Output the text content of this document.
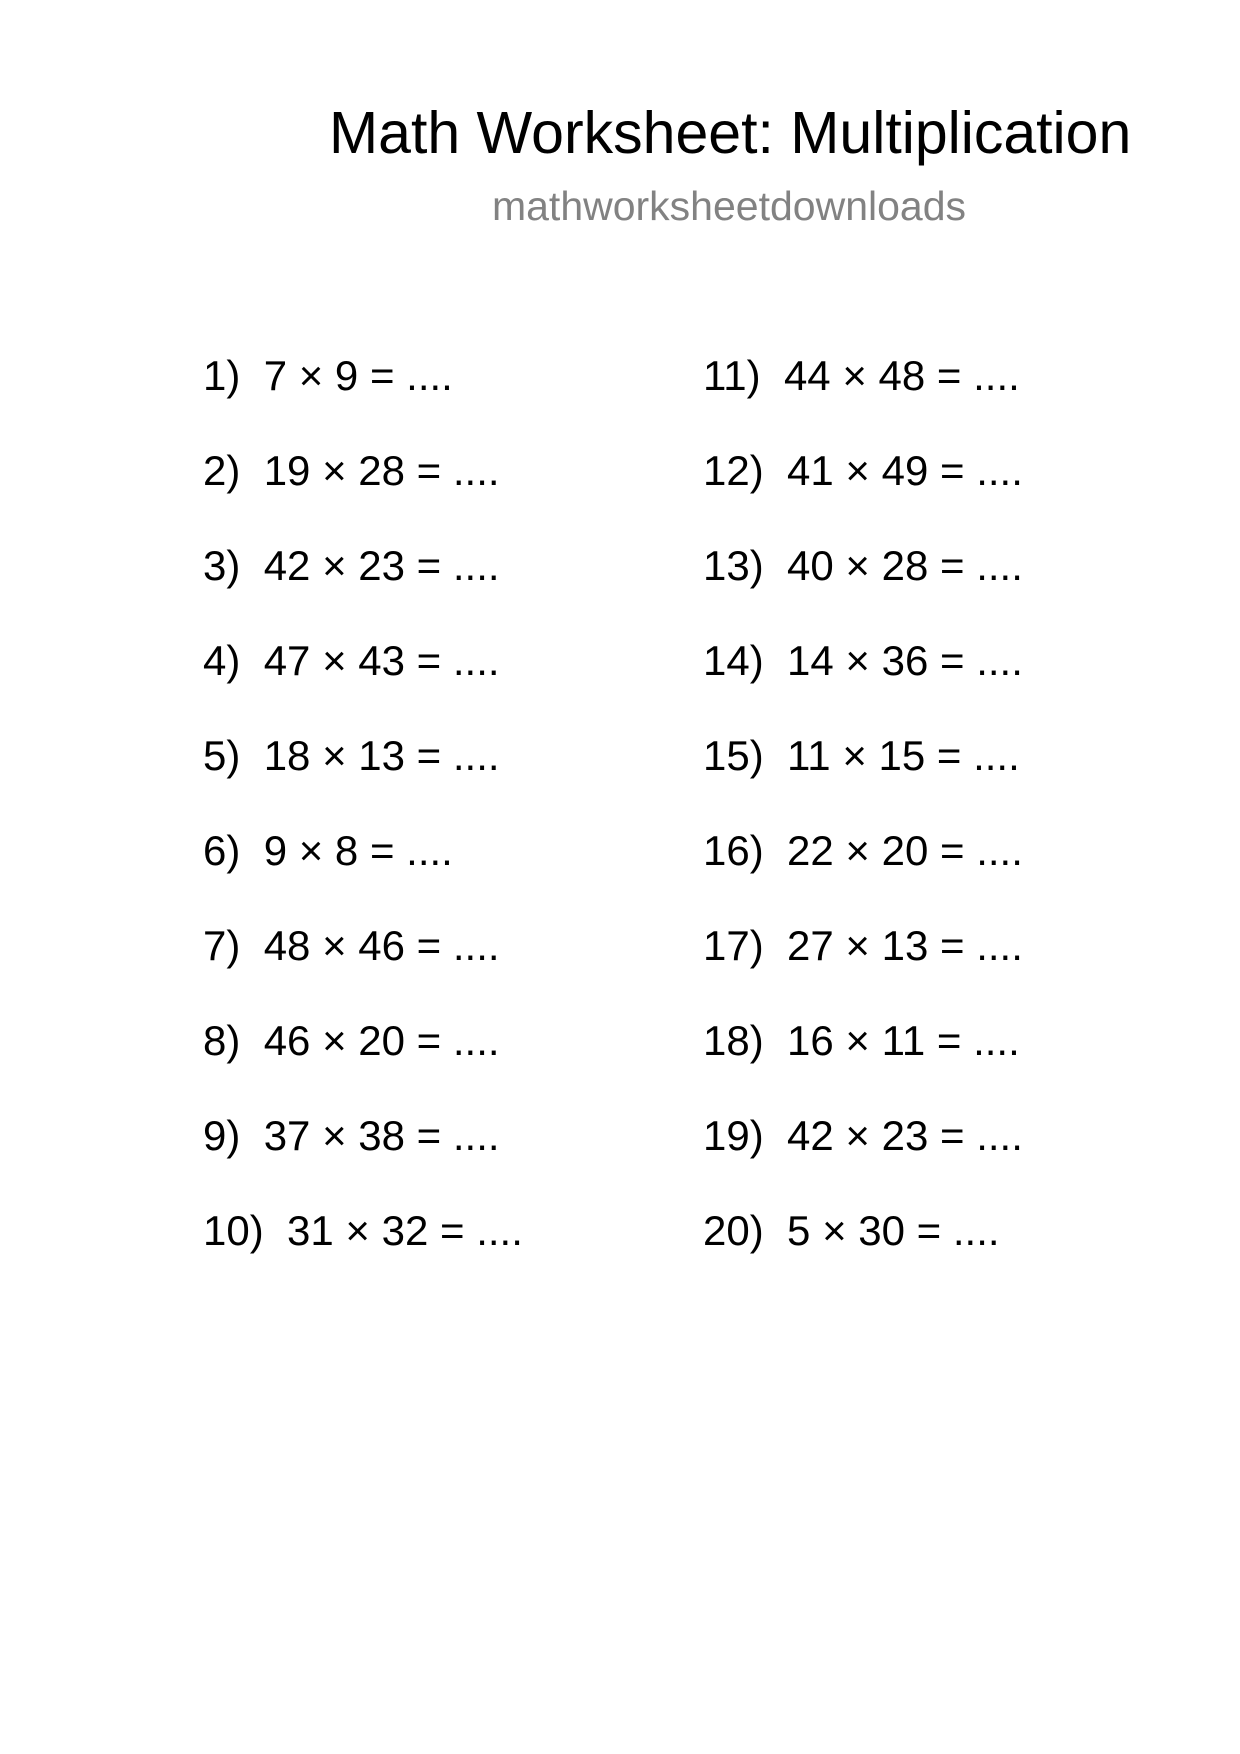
Math Worksheet: Multiplication
mathworksheetdownloads
1) 7 × 9 = ....
2) 19 × 28 = ....
3) 42 × 23 = ....
4) 47 × 43 = ....
5) 18 × 13 = ....
6) 9 × 8 = ....
7) 48 × 46 = ....
8) 46 × 20 = ....
9) 37 × 38 = ....
10) 31 × 32 = ....
11) 44 × 48 = ....
12) 41 × 49 = ....
13) 40 × 28 = ....
14) 14 × 36 = ....
15) 11 × 15 = ....
16) 22 × 20 = ....
17) 27 × 13 = ....
18) 16 × 11 = ....
19) 42 × 23 = ....
20) 5 × 30 = ....
